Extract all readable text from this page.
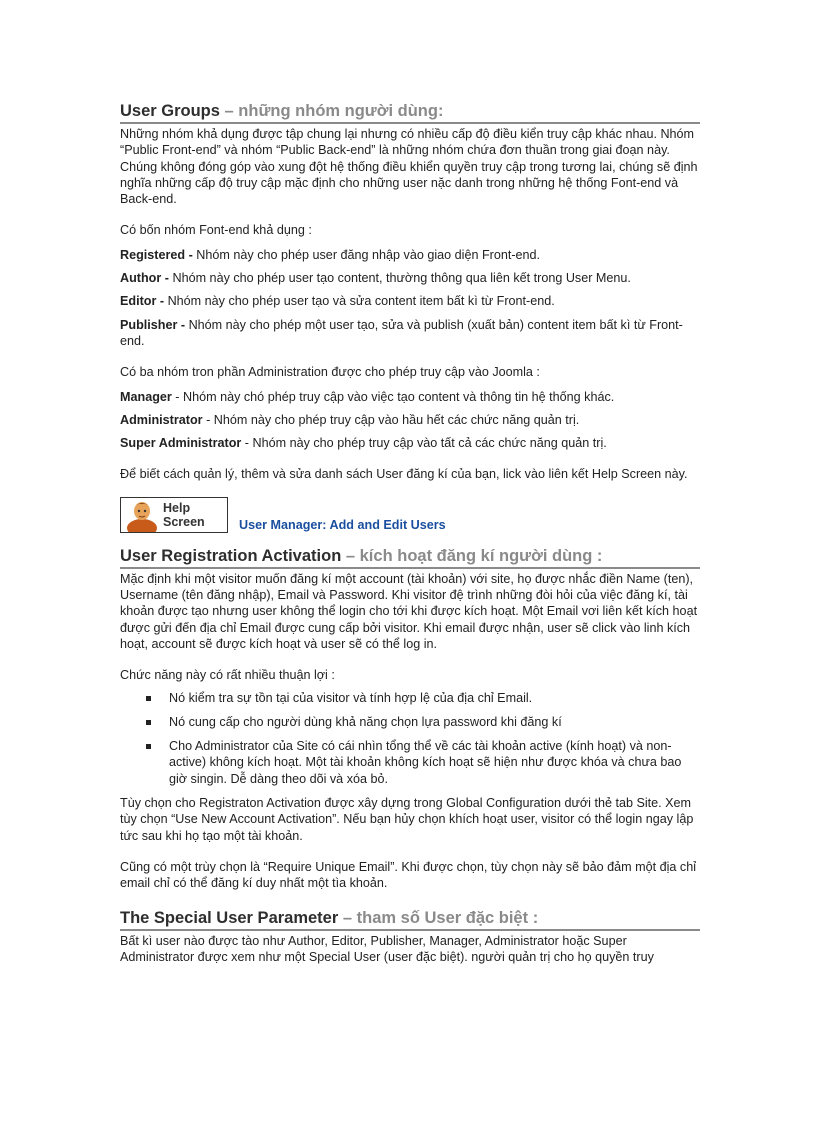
User Groups – những nhóm người dùng:

Những nhóm khả dụng được tập chung lại nhưng có nhiều cấp độ điều kiển truy cập khác nhau. Nhóm “Public Front-end” và nhóm “Public Back-end” là những nhóm chứa đơn thuần trong giai đoạn này. Chúng không đóng góp vào xung đột hệ thống điều khiển quyền truy cập trong tương lai, chúng sẽ định nghĩa những cấp độ truy cập mặc định cho những user nặc danh trong những hệ thống Font-end và Back-end.

Có bốn nhóm Font-end khả dụng :

Registered - Nhóm này cho phép user đăng nhập vào giao diện Front-end.

Author - Nhóm này cho phép user tạo content, thường thông qua liên kết trong User Menu.

Editor - Nhóm này cho phép user tạo và sửa content item bất kì từ Front-end.

Publisher - Nhóm này cho phép một user tạo, sửa và publish (xuất bản) content item bất kì từ Front-end.

Có ba nhóm tron phần Administration được cho phép truy cập vào Joomla :

Manager - Nhóm này chó phép truy cập vào việc tạo content và thông tin hệ thống khác.

Administrator - Nhóm này cho phép truy cập vào hầu hết các chức năng quản trị.

Super Administrator - Nhóm này cho phép truy cập vào tất cả các chức năng quản trị.

Để biết cách quản lý, thêm và sửa danh sách User đăng kí của bạn, lick vào liên kết Help Screen này.

Help
Screen	User Manager: Add and Edit Users
User Registration Activation – kích hoạt đăng kí người dùng :

Mặc định khi một visitor muốn đăng kí một account (tài khoản) với site, họ được nhắc điền Name (ten), Username (tên đăng nhập), Email và Password. Khi visitor đệ trình những đòi hỏi của việc đăng kí, tài khoản được tạo nhưng user không thể login cho tới khi được kích hoạt. Một Email vơi liên kết kích hoạt được gửi đến địa chỉ Email được cung cấp bởi visitor. Khi email được nhận, user sẽ click vào linh kích hoạt, account sẽ được kích hoạt và user sẽ có thể log in.

Chức năng này có rất nhiều thuận lợi :

Nó kiểm tra sự tồn tại của visitor và tính hợp lệ của địa chỉ Email.
Nó cung cấp cho người dùng khả năng chọn lựa password khi đăng kí
Cho Administrator của Site có cái nhìn tổng thể về các tài khoản active (kính hoạt) và non-active) không kích hoạt. Một tài khoản không kích hoạt sẽ hiện như được khóa và chưa bao giờ singin. Dễ dàng theo dõi và xóa bỏ.

Tùy chọn cho Registraton Activation được xây dựng trong Global Configuration dưới thẻ tab Site. Xem tùy chọn “Use New Account Activation”. Nếu bạn hủy chọn khích hoạt user, visitor có thể login ngay lập tức sau khi họ tạo một tài khoản.

Cũng có một trùy chọn là “Require Unique Email”. Khi được chọn, tùy chọn này sẽ bảo đảm một địa chỉ email chỉ có thể đăng kí duy nhất một tìa khoản.

The Special User Parameter – tham số User đặc biệt :

Bất kì user nào được tào như Author, Editor, Publisher, Manager, Administrator hoặc Super Administrator được xem như một Special User (user đặc biệt). người quản trị cho họ quyền truy
